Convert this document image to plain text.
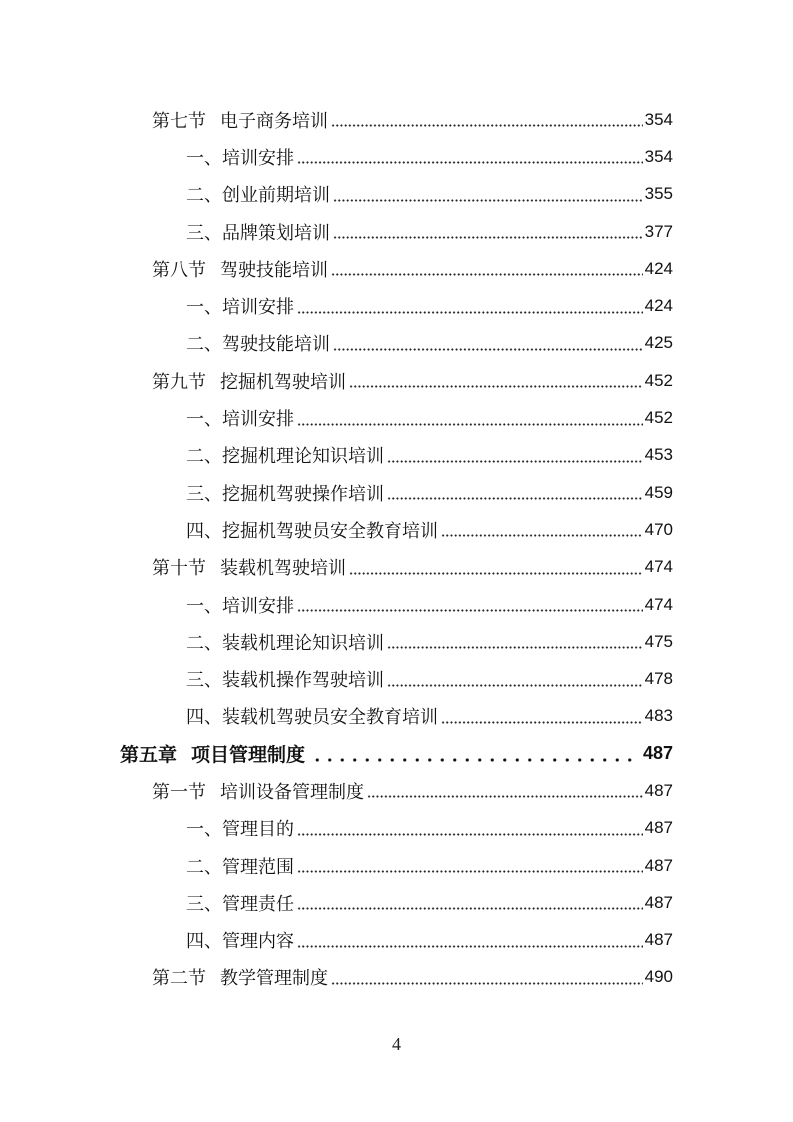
第七节 电子商务培训	354
一、培训安排	354
二、创业前期培训	355
三、品牌策划培训	377
第八节 驾驶技能培训	424
一、培训安排	424
二、驾驶技能培训	425
第九节 挖掘机驾驶培训	452
一、培训安排	452
二、挖掘机理论知识培训	453
三、挖掘机驾驶操作培训	459
四、挖掘机驾驶员安全教育培训	470
第十节 装载机驾驶培训	474
一、培训安排	474
二、装载机理论知识培训	475
三、装载机操作驾驶培训	478
四、装载机驾驶员安全教育培训	483
第五章 项目管理制度	487
第一节 培训设备管理制度	487
一、管理目的	487
二、管理范围	487
三、管理责任	487
四、管理内容	487
第二节 教学管理制度	490
4
